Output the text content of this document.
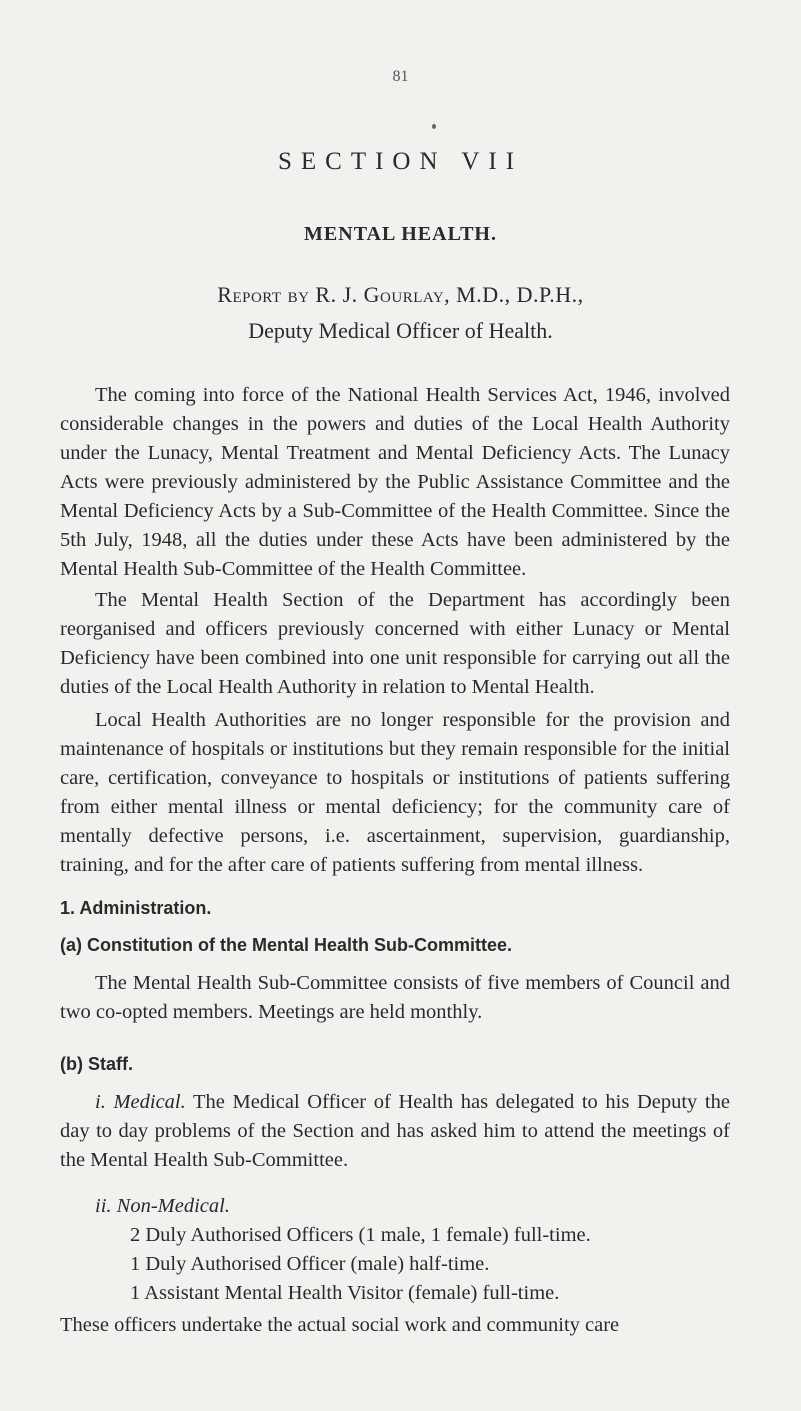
81
SECTION VII
MENTAL HEALTH.
Report by R. J. Gourlay, M.D., D.P.H.,
Deputy Medical Officer of Health.

The coming into force of the National Health Services Act, 1946, involved considerable changes in the powers and duties of the Local Health Authority under the Lunacy, Mental Treatment and Mental Deficiency Acts. The Lunacy Acts were previously administered by the Public Assistance Committee and the Mental Deficiency Acts by a Sub-Committee of the Health Committee. Since the 5th July, 1948, all the duties under these Acts have been administered by the Mental Health Sub-Committee of the Health Committee.

The Mental Health Section of the Department has accordingly been reorganised and officers previously concerned with either Lunacy or Mental Deficiency have been combined into one unit responsible for carrying out all the duties of the Local Health Authority in relation to Mental Health.

Local Health Authorities are no longer responsible for the provision and maintenance of hospitals or institutions but they remain responsible for the initial care, certification, conveyance to hospitals or institutions of patients suffering from either mental illness or mental deficiency; for the community care of mentally defective persons, i.e. ascertainment, supervision, guardianship, training, and for the after care of patients suffering from mental illness.

1. Administration.
(a) Constitution of the Mental Health Sub-Committee.

The Mental Health Sub-Committee consists of five members of Council and two co-opted members. Meetings are held monthly.

(b) Staff.

i. Medical. The Medical Officer of Health has delegated to his Deputy the day to day problems of the Section and has asked him to attend the meetings of the Mental Health Sub-Committee.

ii. Non-Medical.
2 Duly Authorised Officers (1 male, 1 female) full-time.
1 Duly Authorised Officer (male) half-time.
1 Assistant Mental Health Visitor (female) full-time.
These officers undertake the actual social work and community care
